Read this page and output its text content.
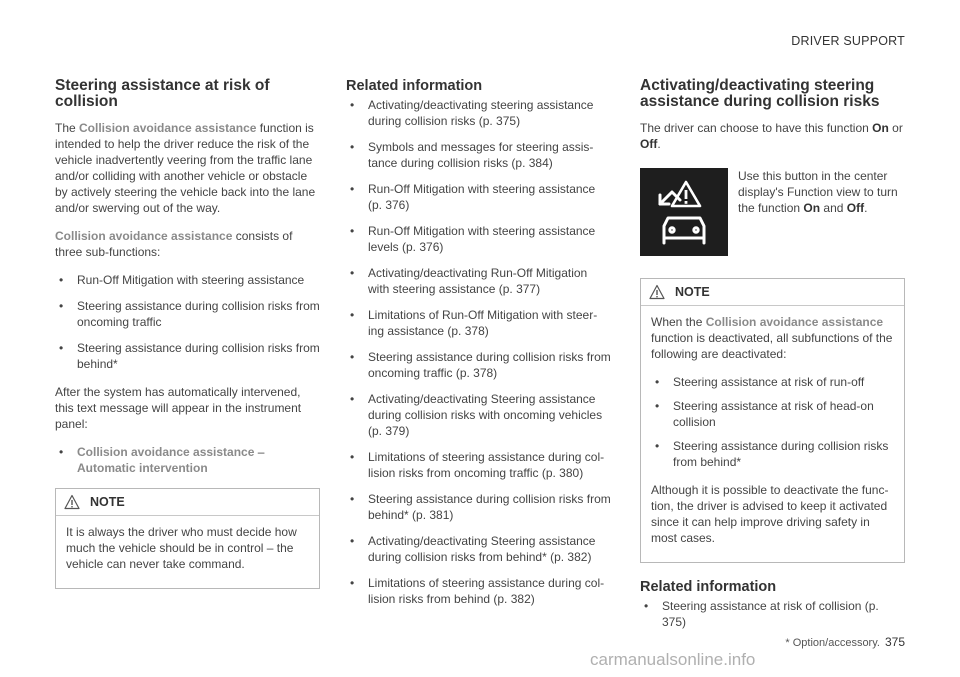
DRIVER SUPPORT
Steering assistance at risk of collision

The Collision avoidance assistance function is intended to help the driver reduce the risk of the vehicle inadvertently veering from the traffic lane and/or colliding with another vehicle or obstacle by actively steering the vehicle back into the lane and/or swerving out of the way.

Collision avoidance assistance consists of three sub-functions:

• Run-Off Mitigation with steering assistance
• Steering assistance during collision risks from oncoming traffic
• Steering assistance during collision risks from behind*

After the system has automatically intervened, this text message will appear in the instrument panel:

• Collision avoidance assistance – Automatic intervention
NOTE

It is always the driver who must decide how much the vehicle should be in control – the vehicle can never take command.

Related information
• Activating/deactivating steering assistance during collision risks (p. 375)
• Symbols and messages for steering assis-tance during collision risks (p. 384)
• Run-Off Mitigation with steering assistance (p. 376)
• Run-Off Mitigation with steering assistance levels (p. 376)
• Activating/deactivating Run-Off Mitigation with steering assistance (p. 377)
• Limitations of Run-Off Mitigation with steer-ing assistance (p. 378)
• Steering assistance during collision risks from oncoming traffic (p. 378)
• Activating/deactivating Steering assistance during collision risks with oncoming vehicles (p. 379)
• Limitations of steering assistance during col-lision risks from oncoming traffic (p. 380)
• Steering assistance during collision risks from behind* (p. 381)
• Activating/deactivating Steering assistance during collision risks from behind* (p. 382)
• Limitations of steering assistance during col-lision risks from behind (p. 382)
Activating/deactivating steering assistance during collision risks

The driver can choose to have this function On or Off.

Use this button in the center display's Function view to turn the function On and Off.
NOTE

When the Collision avoidance assistance function is deactivated, all subfunctions of the following are deactivated:

• Steering assistance at risk of run-off
• Steering assistance at risk of head-on collision
• Steering assistance during collision risks from behind*

Although it is possible to deactivate the func-tion, the driver is advised to keep it activated since it can help improve driving safety in most cases.

Related information
• Steering assistance at risk of collision (p. 375)
* Option/accessory. 375
carmanualsonline.info
